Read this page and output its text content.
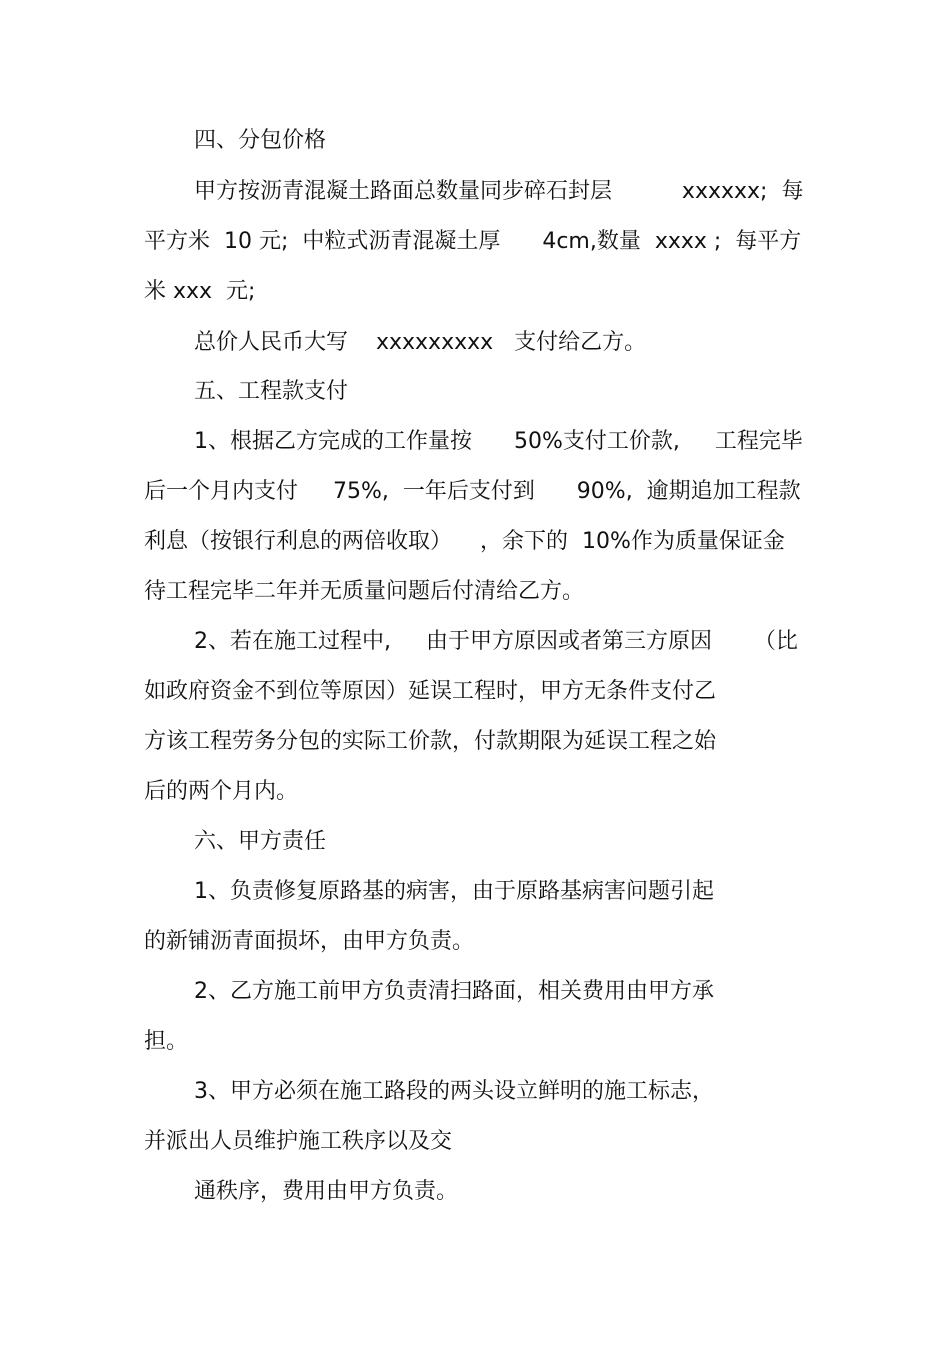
四、分包价格
甲方按沥青混凝土路面总数量同步碎石封层          xxxxxx;  每
平方米  10 元;  中粒式沥青混凝土厚      4cm,数量  xxxx ;  每平方
米 xxx  元;
总价人民币大写    xxxxxxxxx   支付给乙方。
五、工程款支付
1、根据乙方完成的工作量按      50%支付工价款,     工程完毕
后一个月内支付     75%,  一年后支付到      90%,  逾期追加工程款
利息（按银行利息的两倍收取）    ，余下的  10%作为质量保证金
待工程完毕二年并无质量问题后付清给乙方。
2、若在施工过程中,     由于甲方原因或者第三方原因      （比
如政府资金不到位等原因）延误工程时，甲方无条件支付乙
方该工程劳务分包的实际工价款，付款期限为延误工程之始
后的两个月内。
六、甲方责任
1、负责修复原路基的病害，由于原路基病害问题引起
的新铺沥青面损坏，由甲方负责。
2、乙方施工前甲方负责清扫路面，相关费用由甲方承
担。
3、甲方必须在施工路段的两头设立鲜明的施工标志，
并派出人员维护施工秩序以及交
通秩序，费用由甲方负责。
